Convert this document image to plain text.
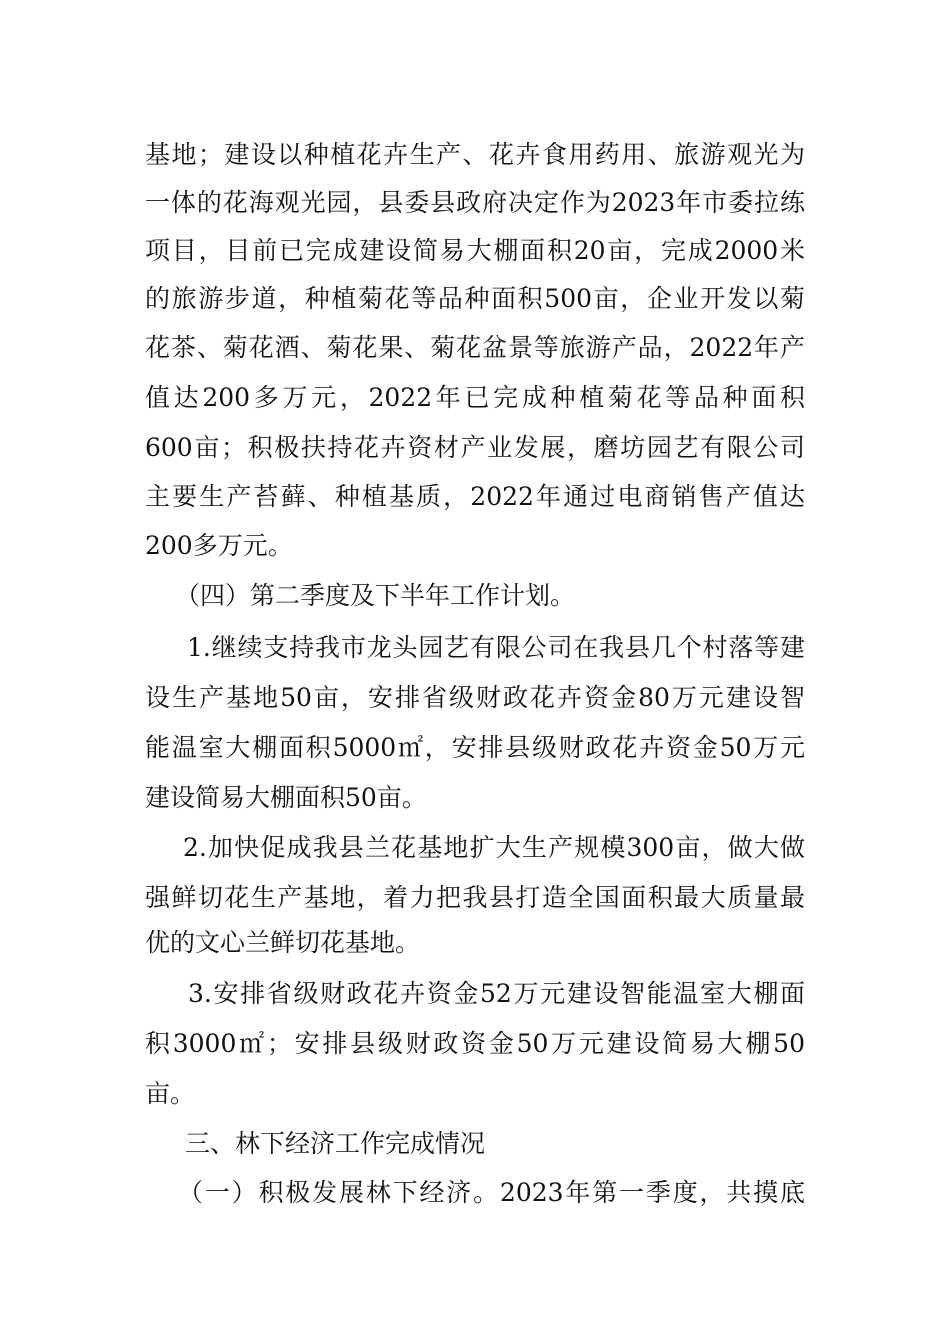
基地；建设以种植花卉生产、花卉食用药用、旅游观光为
一体的花海观光园，县委县政府决定作为2023年市委拉练
项目，目前已完成建设简易大棚面积20亩，完成2000米
的旅游步道，种植菊花等品种面积500亩，企业开发以菊
花茶、菊花酒、菊花果、菊花盆景等旅游产品，2022年产
值达200多万元，2022年已完成种植菊花等品种面积
600亩；积极扶持花卉资材产业发展，磨坊园艺有限公司
主要生产苔藓、种植基质，2022年通过电商销售产值达
200多万元。
（四）第二季度及下半年工作计划。
1.继续支持我市龙头园艺有限公司在我县几个村落等建
设生产基地50亩，安排省级财政花卉资金80万元建设智
能温室大棚面积5000㎡，安排县级财政花卉资金50万元
建设简易大棚面积50亩。
2.加快促成我县兰花基地扩大生产规模300亩，做大做
强鲜切花生产基地，着力把我县打造全国面积最大质量最
优的文心兰鲜切花基地。
3.安排省级财政花卉资金52万元建设智能温室大棚面
积3000㎡；安排县级财政资金50万元建设简易大棚50
亩。
三、林下经济工作完成情况
（一）积极发展林下经济。2023年第一季度，共摸底
